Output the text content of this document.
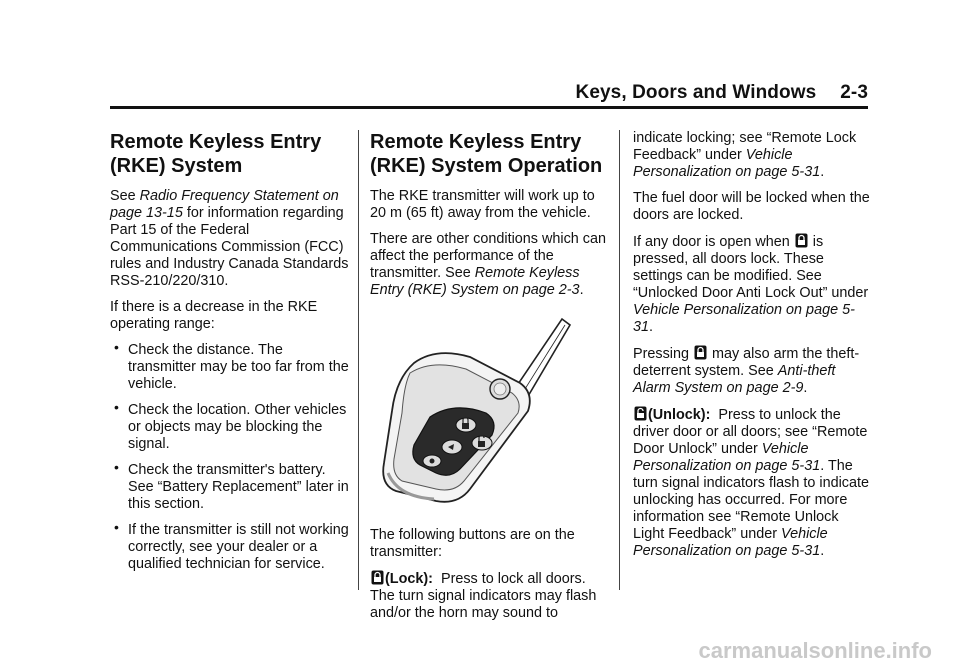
Keys, Doors and Windows 2-3
Remote Keyless Entry (RKE) System

See Radio Frequency Statement on page 13-15 for information regarding Part 15 of the Federal Communications Commission (FCC) rules and Industry Canada Standards RSS-210/220/310.

If there is a decrease in the RKE operating range:

• Check the distance. The transmitter may be too far from the vehicle.
• Check the location. Other vehicles or objects may be blocking the signal.
• Check the transmitter's battery. See “Battery Replacement” later in this section.
• If the transmitter is still not working correctly, see your dealer or a qualified technician for service.
Remote Keyless Entry (RKE) System Operation

The RKE transmitter will work up to 20 m (65 ft) away from the vehicle.

There are other conditions which can affect the performance of the transmitter. See Remote Keyless Entry (RKE) System on page 2-3.

The following buttons are on the transmitter:

(Lock): Press to lock all doors. The turn signal indicators may flash and/or the horn may sound to

indicate locking; see “Remote Lock Feedback” under Vehicle Personalization on page 5-31.

The fuel door will be locked when the doors are locked.

If any door is open when  is pressed, all doors lock. These settings can be modified. See “Unlocked Door Anti Lock Out” under Vehicle Personalization on page 5-31.

Pressing  may also arm the theft-deterrent system. See Anti-theft Alarm System on page 2-9.

(Unlock): Press to unlock the driver door or all doors; see “Remote Door Unlock” under Vehicle Personalization on page 5-31. The turn signal indicators flash to indicate unlocking has occurred. For more information see “Remote Unlock Light Feedback” under Vehicle Personalization on page 5-31.

carmanualsonline.info
